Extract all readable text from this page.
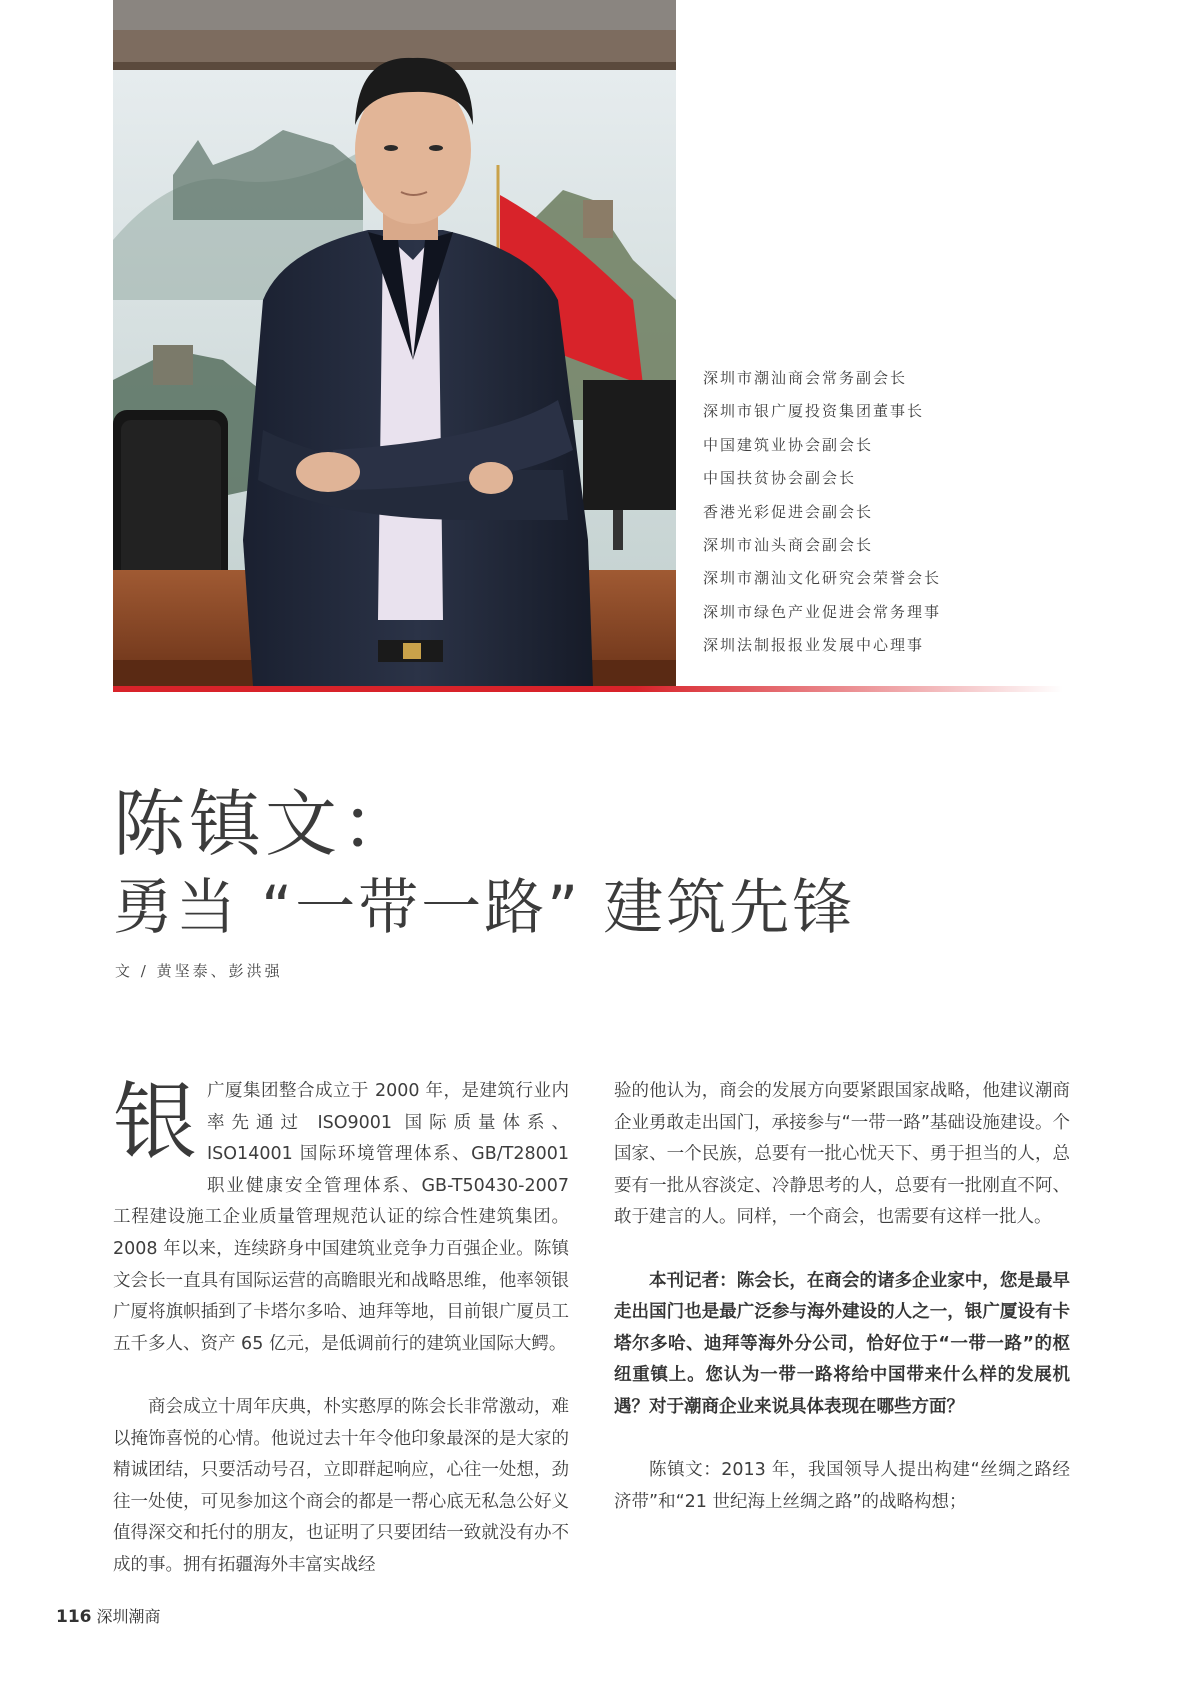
深圳市潮汕商会常务副会长
深圳市银广厦投资集团董事长
中国建筑业协会副会长
中国扶贫协会副会长
香港光彩促进会副会长
深圳市汕头商会副会长
深圳市潮汕文化研究会荣誉会长
深圳市绿色产业促进会常务理事
深圳法制报报业发展中心理事
陈镇文：
勇当 “一带一路” 建筑先锋
文 / 黄坚泰、彭洪强

银广厦集团整合成立于 2000 年，是建筑行业内率先通过 ISO9001 国际质量体系、ISO14001 国际环境管理体系、GB/T28001 职业健康安全管理体系、GB-T50430-2007 工程建设施工企业质量管理规范认证的综合性建筑集团。2008 年以来，连续跻身中国建筑业竞争力百强企业。陈镇文会长一直具有国际运营的高瞻眼光和战略思维，他率领银广厦将旗帜插到了卡塔尔多哈、迪拜等地，目前银广厦员工五千多人、资产 65 亿元，是低调前行的建筑业国际大鳄。

商会成立十周年庆典，朴实憨厚的陈会长非常激动，难以掩饰喜悦的心情。他说过去十年令他印象最深的是大家的精诚团结，只要活动号召，立即群起响应，心往一处想，劲往一处使，可见参加这个商会的都是一帮心底无私急公好义值得深交和托付的朋友，也证明了只要团结一致就没有办不成的事。拥有拓疆海外丰富实战经

验的他认为，商会的发展方向要紧跟国家战略，他建议潮商企业勇敢走出国门，承接参与“一带一路”基础设施建设。个国家、一个民族，总要有一批心忧天下、勇于担当的人，总要有一批从容淡定、冷静思考的人，总要有一批刚直不阿、敢于建言的人。同样，一个商会，也需要有这样一批人。

本刊记者：陈会长，在商会的诸多企业家中，您是最早走出国门也是最广泛参与海外建设的人之一，银广厦设有卡塔尔多哈、迪拜等海外分公司，恰好位于“一带一路”的枢纽重镇上。您认为一带一路将给中国带来什么样的发展机遇？对于潮商企业来说具体表现在哪些方面？

陈镇文：2013 年，我国领导人提出构建“丝绸之路经济带”和“21 世纪海上丝绸之路”的战略构想；

116 深圳潮商
